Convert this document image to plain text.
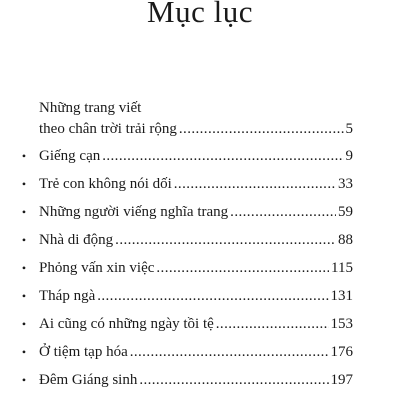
Mục lục
Những trang viết
theo chân trời trải rộng .....	5
• Giếng cạn .....	9
• Trẻ con không nói dối .....	33
• Những người viếng nghĩa trang .....	59
• Nhà di động .....	88
• Phỏng vấn xin việc .....	115
• Tháp ngà .....	131
• Ai cũng có những ngày tồi tệ .....	153
• Ở tiệm tạp hóa .....	176
• Đêm Giáng sinh .....	197
